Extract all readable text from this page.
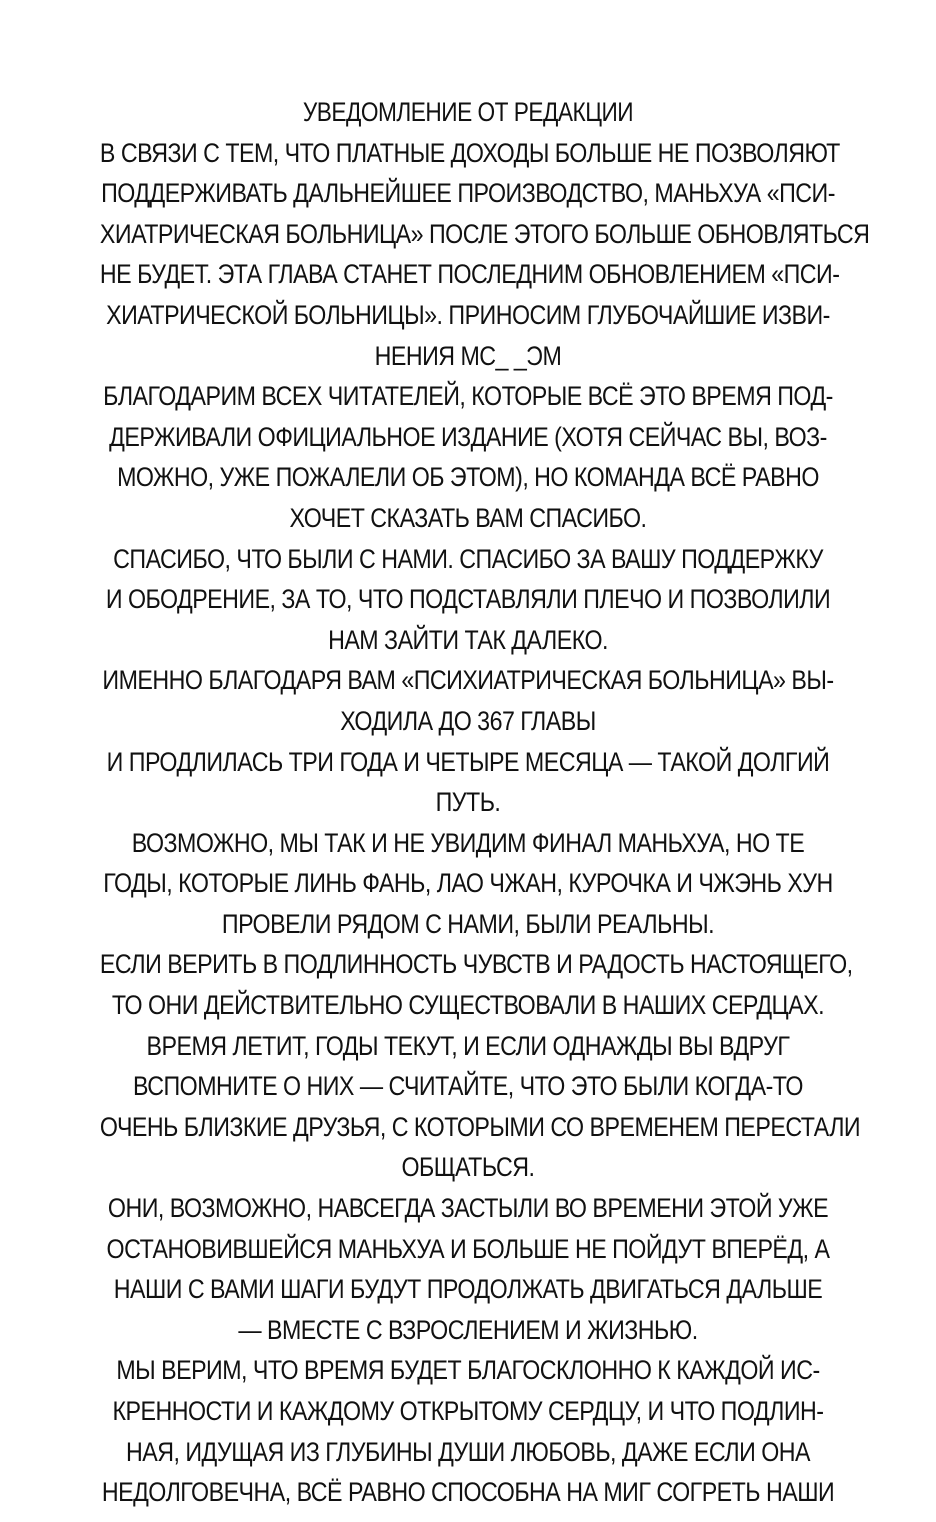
УВЕДОМЛЕНИЕ ОТ РЕДАКЦИИ
В СВЯЗИ С ТЕМ, ЧТО ПЛАТНЫЕ ДОХОДЫ БОЛЬШЕ НЕ ПОЗВОЛЯЮТ
ПОДДЕРЖИВАТЬ ДАЛЬНЕЙШЕЕ ПРОИЗВОДСТВО, МАНЬХУА «ПСИ-
ХИАТРИЧЕСКАЯ БОЛЬНИЦА» ПОСЛЕ ЭТОГО БОЛЬШЕ ОБНОВЛЯТЬСЯ
НЕ БУДЕТ. ЭТА ГЛАВА СТАНЕТ ПОСЛЕДНИМ ОБНОВЛЕНИЕМ «ПСИ-
ХИАТРИЧЕСКОЙ БОЛЬНИЦЫ». ПРИНОСИМ ГЛУБОЧАЙШИЕ ИЗВИ-
НЕНИЯ MC_ _ƆM
БЛАГОДАРИМ ВСЕХ ЧИТАТЕЛЕЙ, КОТОРЫЕ ВСЁ ЭТО ВРЕМЯ ПОД-
ДЕРЖИВАЛИ ОФИЦИАЛЬНОЕ ИЗДАНИЕ (ХОТЯ СЕЙЧАС ВЫ, ВОЗ-
МОЖНО, УЖЕ ПОЖАЛЕЛИ ОБ ЭТОМ), НО КОМАНДА ВСЁ РАВНО
ХОЧЕТ СКАЗАТЬ ВАМ СПАСИБО.
СПАСИБО, ЧТО БЫЛИ С НАМИ. СПАСИБО ЗА ВАШУ ПОДДЕРЖКУ
И ОБОДРЕНИЕ, ЗА ТО, ЧТО ПОДСТАВЛЯЛИ ПЛЕЧО И ПОЗВОЛИЛИ
НАМ ЗАЙТИ ТАК ДАЛЕКО.
ИМЕННО БЛАГОДАРЯ ВАМ «ПСИХИАТРИЧЕСКАЯ БОЛЬНИЦА» ВЫ-
ХОДИЛА ДО 367 ГЛАВЫ
И ПРОДЛИЛАСЬ ТРИ ГОДА И ЧЕТЫРЕ МЕСЯЦА — ТАКОЙ ДОЛГИЙ
ПУТЬ.
ВОЗМОЖНО, МЫ ТАК И НЕ УВИДИМ ФИНАЛ МАНЬХУА, НО ТЕ
ГОДЫ, КОТОРЫЕ ЛИНЬ ФАНЬ, ЛАО ЧЖАН, КУРОЧКА И ЧЖЭНЬ ХУН
ПРОВЕЛИ РЯДОМ С НАМИ, БЫЛИ РЕАЛЬНЫ.
ЕСЛИ ВЕРИТЬ В ПОДЛИННОСТЬ ЧУВСТВ И РАДОСТЬ НАСТОЯЩЕГО,
ТО ОНИ ДЕЙСТВИТЕЛЬНО СУЩЕСТВОВАЛИ В НАШИХ СЕРДЦАХ.
ВРЕМЯ ЛЕТИТ, ГОДЫ ТЕКУТ, И ЕСЛИ ОДНАЖДЫ ВЫ ВДРУГ
ВСПОМНИТЕ О НИХ — СЧИТАЙТЕ, ЧТО ЭТО БЫЛИ КОГДА-ТО
ОЧЕНЬ БЛИЗКИЕ ДРУЗЬЯ, С КОТОРЫМИ СО ВРЕМЕНЕМ ПЕРЕСТАЛИ
ОБЩАТЬСЯ.
ОНИ, ВОЗМОЖНО, НАВСЕГДА ЗАСТЫЛИ ВО ВРЕМЕНИ ЭТОЙ УЖЕ
ОСТАНОВИВШЕЙСЯ МАНЬХУА И БОЛЬШЕ НЕ ПОЙДУТ ВПЕРЁД, А
НАШИ С ВАМИ ШАГИ БУДУТ ПРОДОЛЖАТЬ ДВИГАТЬСЯ ДАЛЬШЕ
— ВМЕСТЕ С ВЗРОСЛЕНИЕМ И ЖИЗНЬЮ.
МЫ ВЕРИМ, ЧТО ВРЕМЯ БУДЕТ БЛАГОСКЛОННО К КАЖДОЙ ИС-
КРЕННОСТИ И КАЖДОМУ ОТКРЫТОМУ СЕРДЦУ, И ЧТО ПОДЛИН-
НАЯ, ИДУЩАЯ ИЗ ГЛУБИНЫ ДУШИ ЛЮБОВЬ, ДАЖЕ ЕСЛИ ОНА
НЕДОЛГОВЕЧНА, ВСЁ РАВНО СПОСОБНА НА МИГ СОГРЕТЬ НАШИ
